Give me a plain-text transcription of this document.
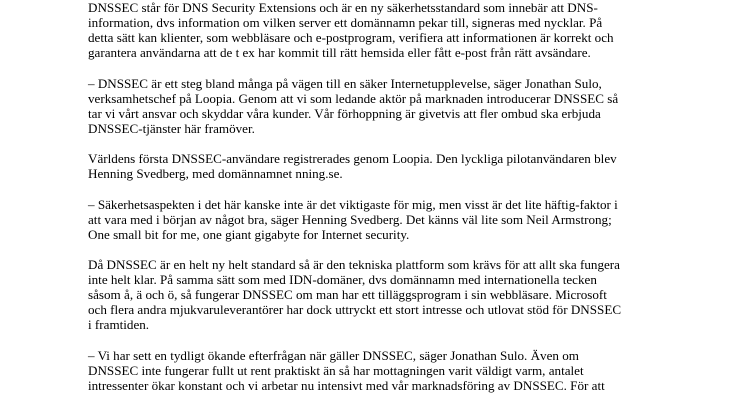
DNSSEC står för DNS Security Extensions och är en ny säkerhetsstandard som innebär att DNS-
information, dvs information om vilken server ett domännamn pekar till, signeras med nycklar. På
detta sätt kan klienter, som webbläsare och e-postprogram, verifiera att informationen är korrekt och
garantera användarna att de t ex har kommit till rätt hemsida eller fått e-post från rätt avsändare.

– DNSSEC är ett steg bland många på vägen till en säker Internetupplevelse, säger Jonathan Sulo,
verksamhetschef på Loopia. Genom att vi som ledande aktör på marknaden introducerar DNSSEC så
tar vi vårt ansvar och skyddar våra kunder. Vår förhoppning är givetvis att fler ombud ska erbjuda
DNSSEC-tjänster här framöver.

Världens första DNSSEC-användare registrerades genom Loopia. Den lyckliga pilotanvändaren blev
Henning Svedberg, med domännamnet nning.se.

– Säkerhetsaspekten i det här kanske inte är det viktigaste för mig, men visst är det lite häftig-faktor i
att vara med i början av något bra, säger Henning Svedberg. Det känns väl lite som Neil Armstrong;
One small bit for me, one giant gigabyte for Internet security.

Då DNSSEC är en helt ny helt standard så är den tekniska plattform som krävs för att allt ska fungera
inte helt klar. På samma sätt som med IDN-domäner, dvs domännamn med internationella tecken
såsom å, ä och ö, så fungerar DNSSEC om man har ett tilläggsprogram i sin webbläsare. Microsoft
och flera andra mjukvaruleverantörer har dock uttryckt ett stort intresse och utlovat stöd för DNSSEC
i framtiden.

– Vi har sett en tydligt ökande efterfrågan när gäller DNSSEC, säger Jonathan Sulo. Även om
DNSSEC inte fungerar fullt ut rent praktiskt än så har mottagningen varit väldigt varm, antalet
intressenter ökar konstant och vi arbetar nu intensivt med vår marknadsföring av DNSSEC. För att
